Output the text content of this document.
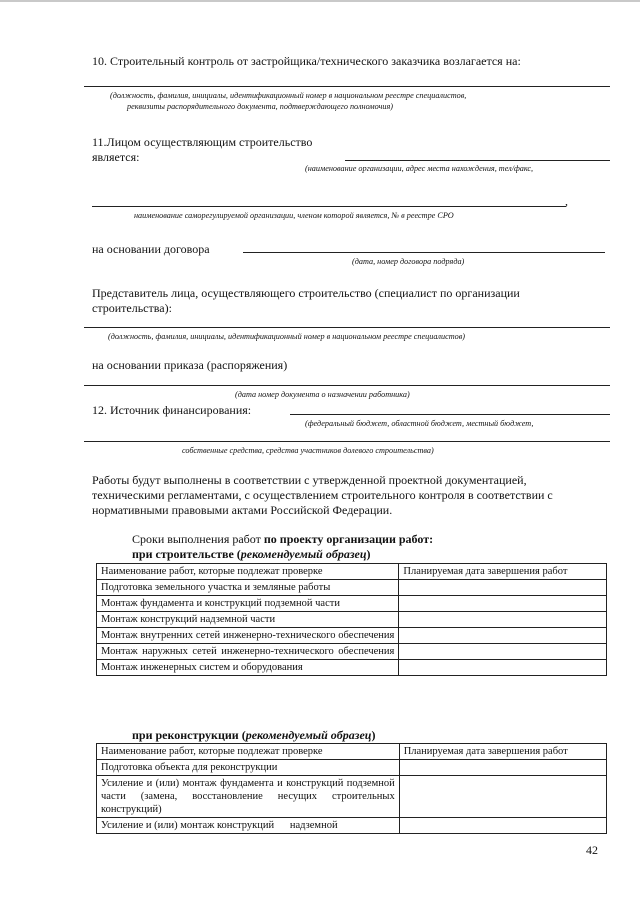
10. Строительный контроль от застройщика/технического заказчика возлагается на:
(должность, фамилия, инициалы, идентификационный номер в национальном реестре специалистов,
реквизиты распорядительного документа, подтверждающего полномочия)
11.Лицом осуществляющим строительство
является:
(наименование организации, адрес места нахождения, тел/факс,
,
наименование саморегулируемой организации, членом которой является, № в реестре СРО
на основании договора
(дата, номер договора подряда)
Представитель лица, осуществляющего строительство (специалист по организации
строительства):
(должность, фамилия, инициалы, идентификационный номер в национальном реестре специалистов)
на основании приказа (распоряжения)
(дата номер документа о назначении работника)
12. Источник финансирования:
(федеральный бюджет, областной бюджет, местный бюджет,
собственные средства, средства участников долевого строительства)
Работы будут выполнены в соответствии с утвержденной проектной документацией,
техническими регламентами, с осуществлением строительного контроля в соответствии с
нормативными правовыми актами Российской Федерации.
Сроки выполнения работ по проекту организации работ:
при строительстве (рекомендуемый образец)
Наименование работ, которые подлежат проверке	Планируемая дата завершения работ
Подготовка земельного участка и земляные работы	
Монтаж фундамента и конструкций подземной части	
Монтаж конструкций надземной части	
Монтаж внутренних сетей инженерно-технического обеспечения	
Монтаж наружных сетей инженерно-технического обеспечения	
Монтаж инженерных систем и оборудования	
при реконструкции (рекомендуемый образец)
Наименование работ, которые подлежат проверке	Планируемая дата завершения работ
Подготовка объекта для реконструкции	
Усиление и (или) монтаж фундамента и конструкций подземной части (замена, восстановление несущих строительных конструкций)	
Усиление и (или) монтаж конструкций      надземной	
42
